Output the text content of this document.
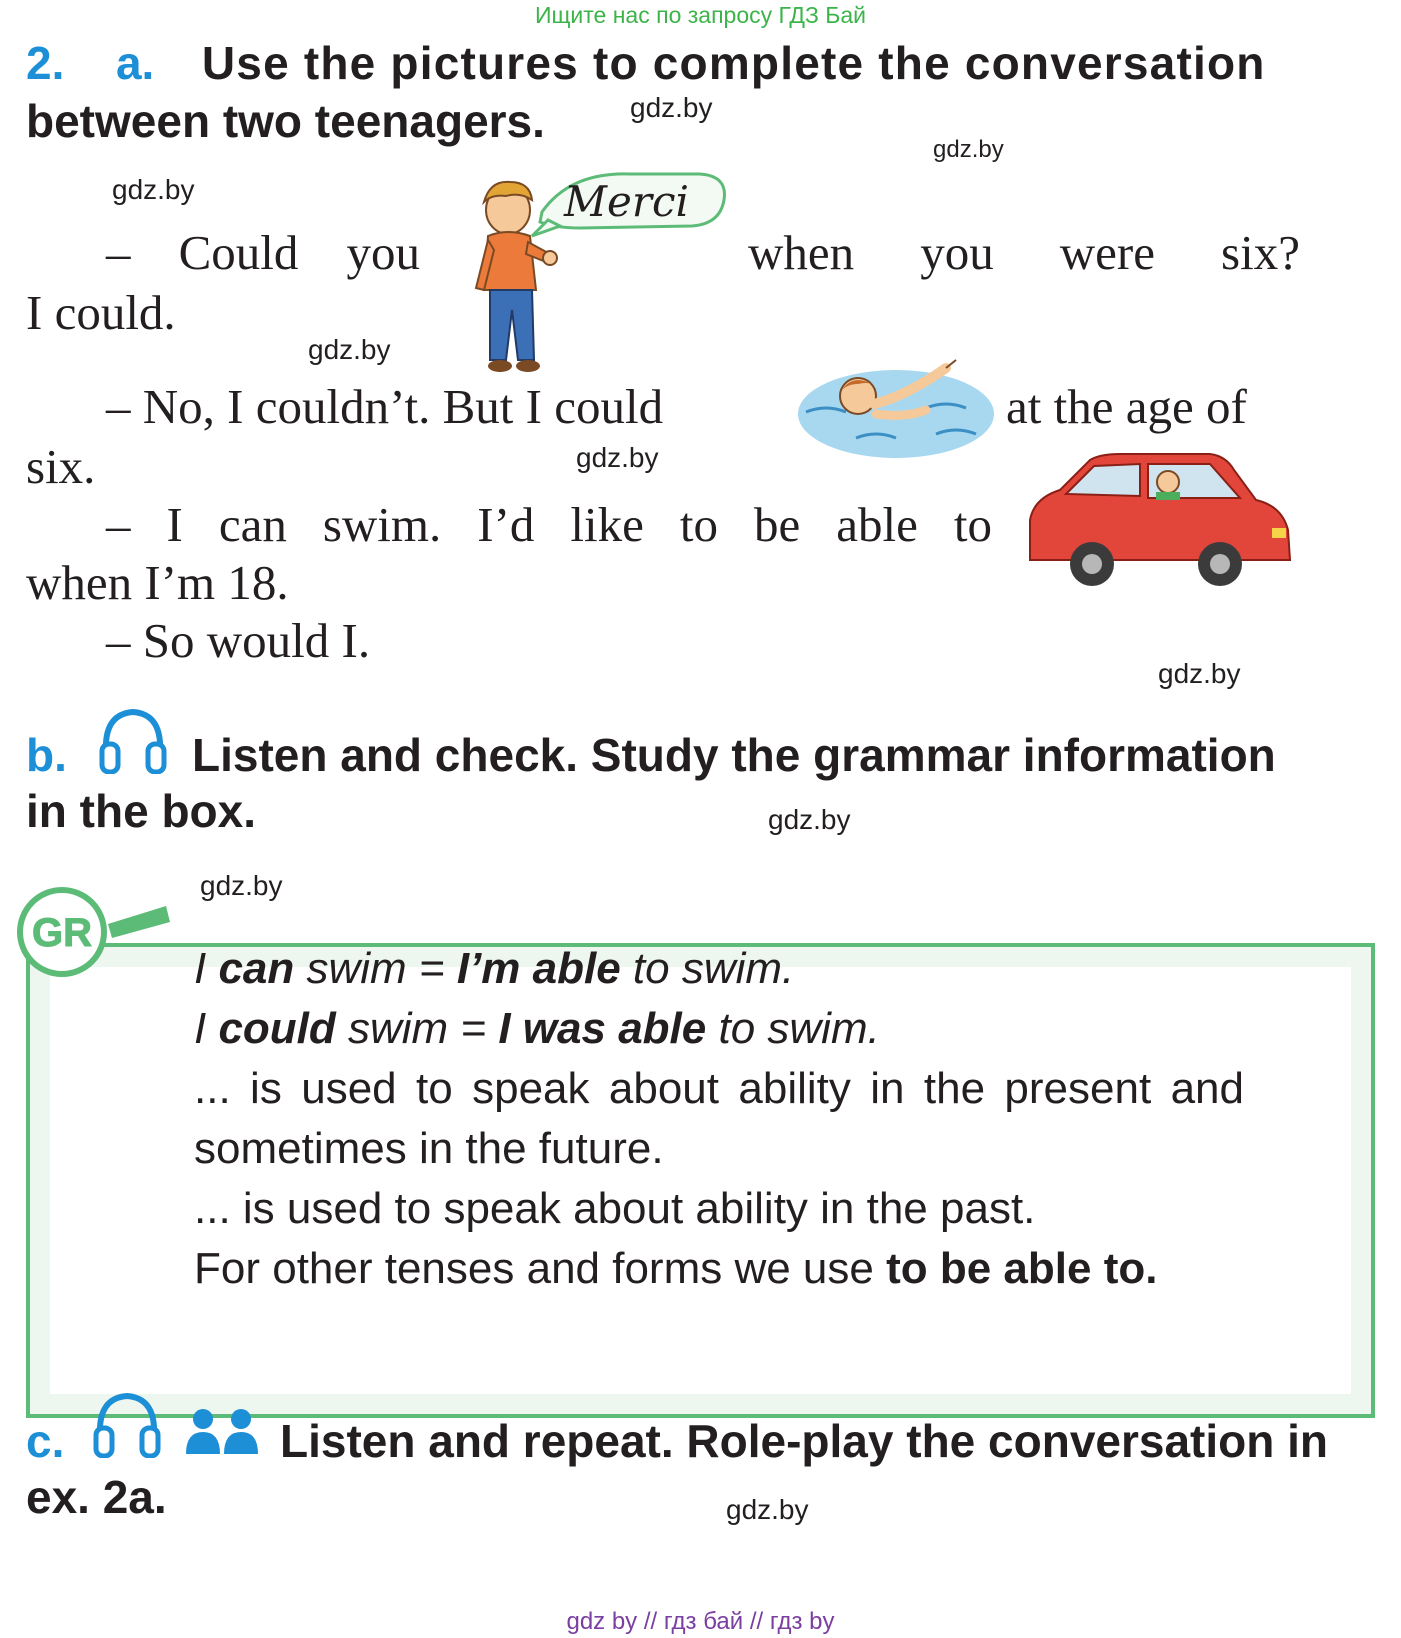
Ищите нас по запросу ГДЗ Бай
2. a. Use the pictures to complete the conversation
between two teenagers.	gdz.by
gdz.by
gdz.by
gdz.by
gdz.by
gdz.by
gdz.by
gdz.by
gdz.by
Merci
– Could you	when you were six?
I could.
– No, I couldn’t. But I could	at the age of
six.
– I can swim. I’d like to be able to
when I’m 18.
– So would I.
b.	Listen and check. Study the grammar information
in the box.
GR
I can swim = I’m able to swim.
I could swim = I was able to swim.
... is used to speak about ability in the present and
sometimes in the future.
... is used to speak about ability in the past.
For other tenses and forms we use to be able to.
c.	Listen and repeat. Role-play the conversation in
ex. 2a.
gdz by // гдз бай // гдз by
